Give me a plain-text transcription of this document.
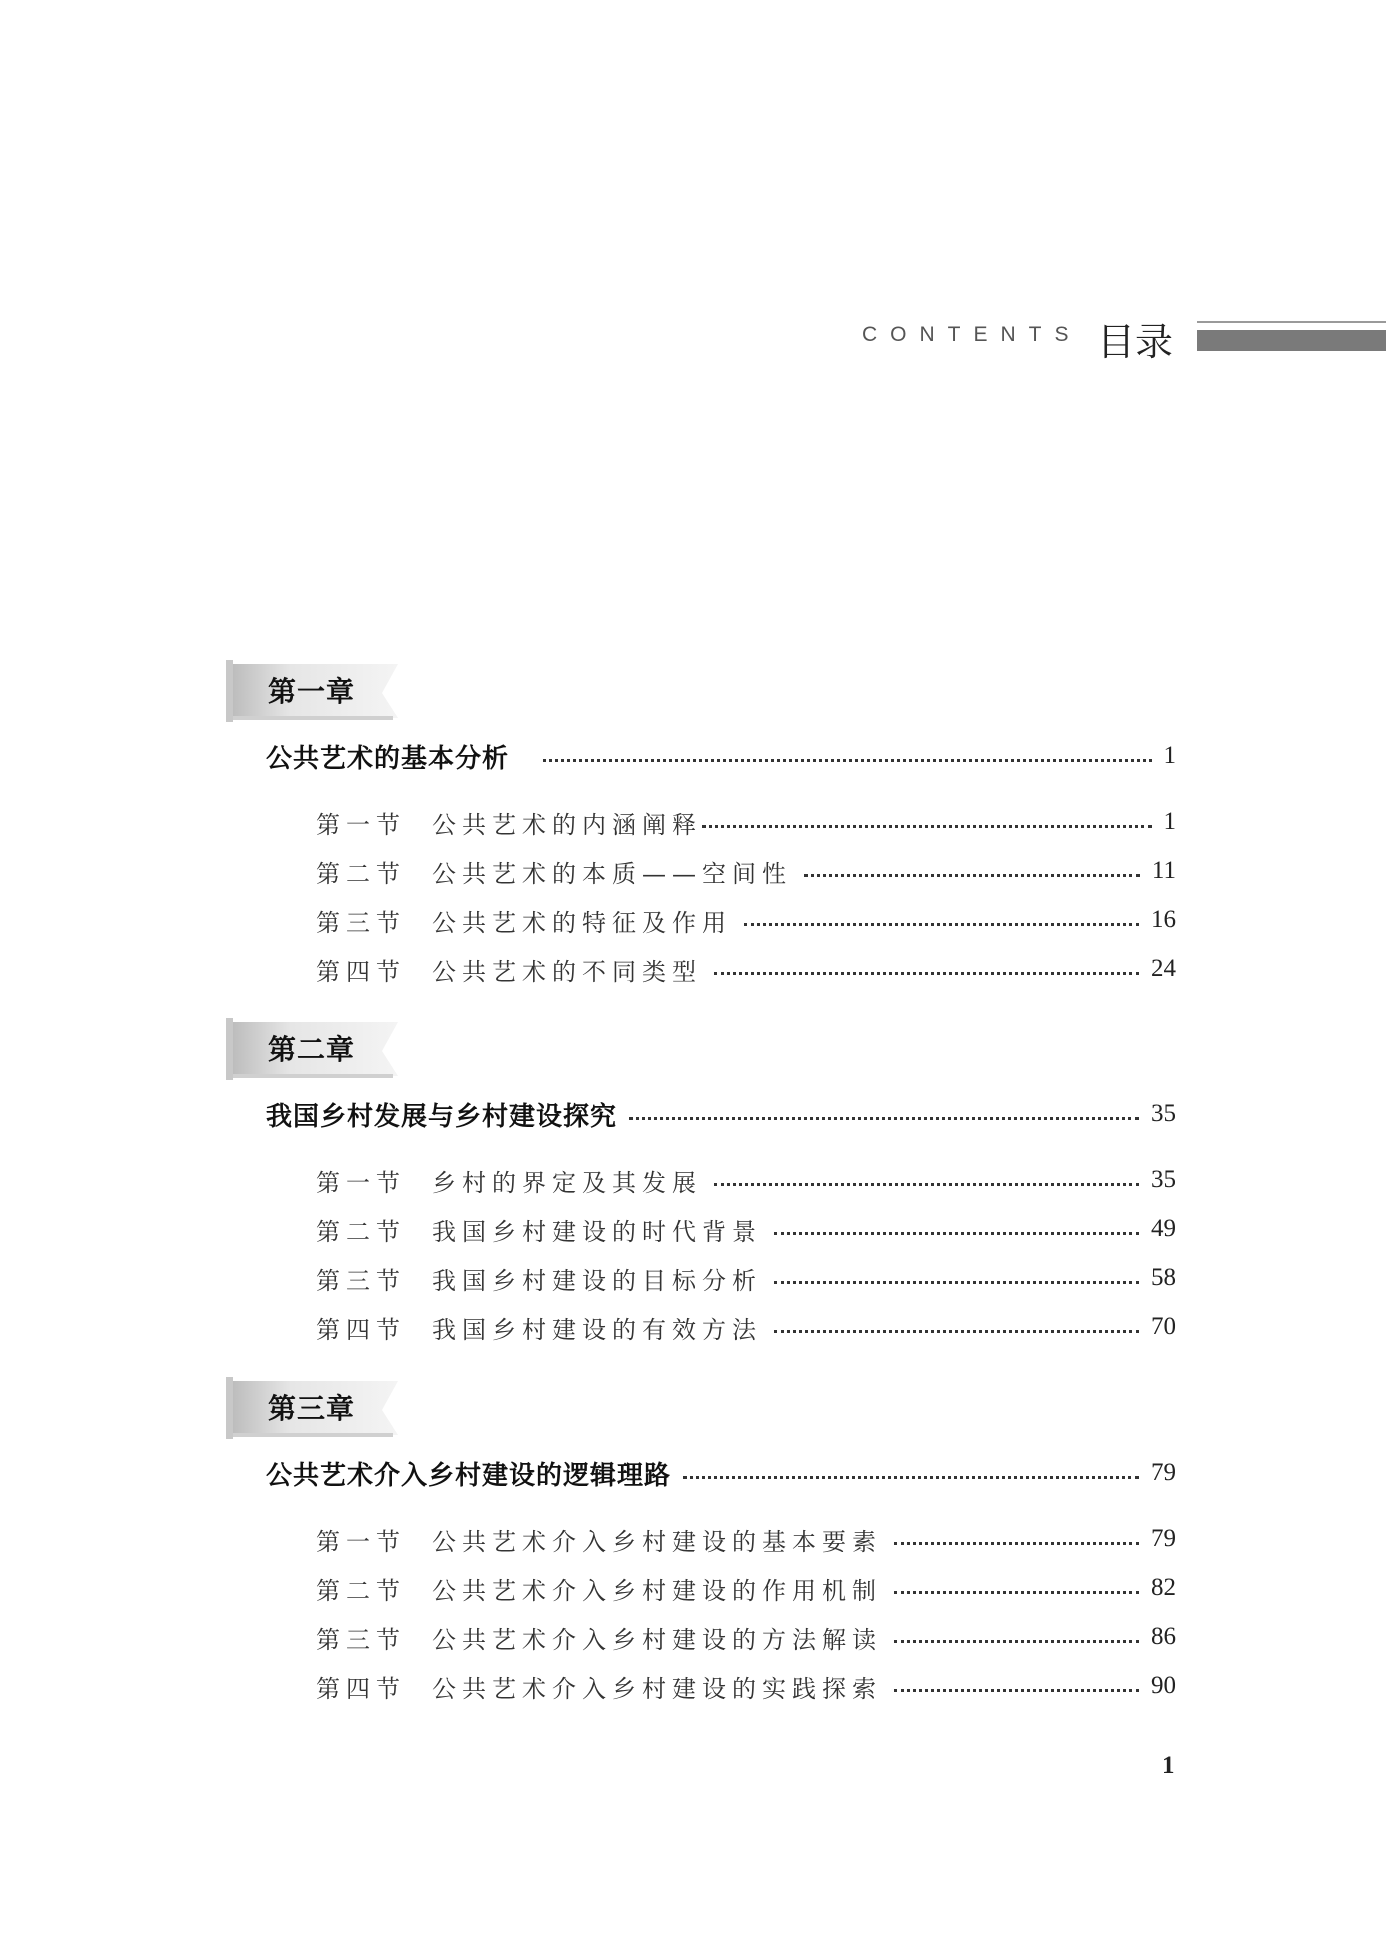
CONTENTS 目录
第一章
公共艺术的基本分析	1
第一节	公共艺术的内涵阐释	1
第二节	公共艺术的本质——空间性	11
第三节	公共艺术的特征及作用	16
第四节	公共艺术的不同类型	24
第二章
我国乡村发展与乡村建设探究	35
第一节	乡村的界定及其发展	35
第二节	我国乡村建设的时代背景	49
第三节	我国乡村建设的目标分析	58
第四节	我国乡村建设的有效方法	70
第三章
公共艺术介入乡村建设的逻辑理路	79
第一节	公共艺术介入乡村建设的基本要素	79
第二节	公共艺术介入乡村建设的作用机制	82
第三节	公共艺术介入乡村建设的方法解读	86
第四节	公共艺术介入乡村建设的实践探索	90
1
